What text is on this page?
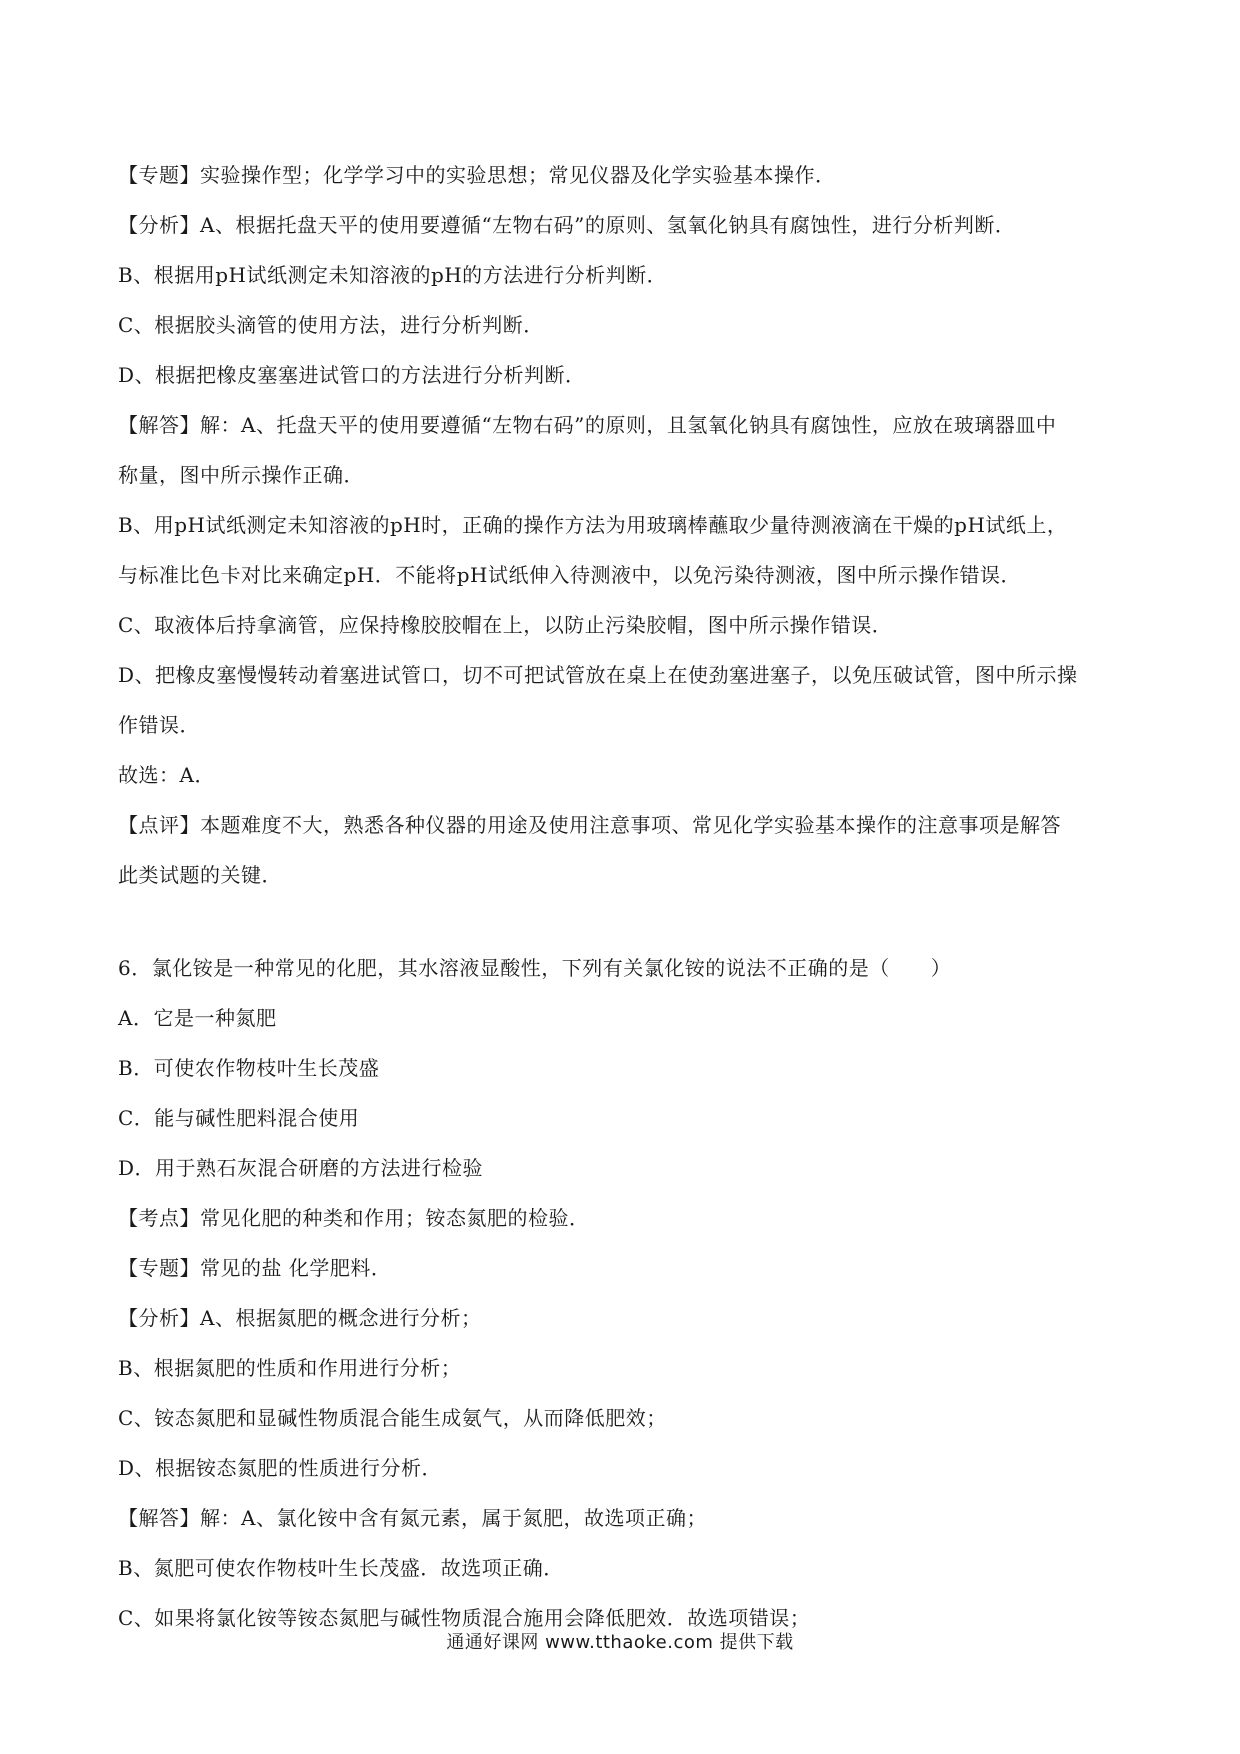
【专题】实验操作型；化学学习中的实验思想；常见仪器及化学实验基本操作．
【分析】A、根据托盘天平的使用要遵循“左物右码”的原则、氢氧化钠具有腐蚀性，进行分析判断．
B、根据用pH试纸测定未知溶液的pH的方法进行分析判断．
C、根据胶头滴管的使用方法，进行分析判断．
D、根据把橡皮塞塞进试管口的方法进行分析判断．
【解答】解：A、托盘天平的使用要遵循“左物右码”的原则，且氢氧化钠具有腐蚀性，应放在玻璃器皿中
称量，图中所示操作正确．
B、用pH试纸测定未知溶液的pH时，正确的操作方法为用玻璃棒蘸取少量待测液滴在干燥的pH试纸上，
与标准比色卡对比来确定pH．不能将pH试纸伸入待测液中，以免污染待测液，图中所示操作错误．
C、取液体后持拿滴管，应保持橡胶胶帽在上，以防止污染胶帽，图中所示操作错误．
D、把橡皮塞慢慢转动着塞进试管口，切不可把试管放在桌上在使劲塞进塞子，以免压破试管，图中所示操
作错误．
故选：A．
【点评】本题难度不大，熟悉各种仪器的用途及使用注意事项、常见化学实验基本操作的注意事项是解答
此类试题的关键．
6．氯化铵是一种常见的化肥，其水溶液显酸性，下列有关氯化铵的说法不正确的是（　　）
A．它是一种氮肥
B．可使农作物枝叶生长茂盛
C．能与碱性肥料混合使用
D．用于熟石灰混合研磨的方法进行检验
【考点】常见化肥的种类和作用；铵态氮肥的检验．
【专题】常见的盐 化学肥料．
【分析】A、根据氮肥的概念进行分析；
B、根据氮肥的性质和作用进行分析；
C、铵态氮肥和显碱性物质混合能生成氨气，从而降低肥效；
D、根据铵态氮肥的性质进行分析．
【解答】解：A、氯化铵中含有氮元素，属于氮肥，故选项正确；
B、氮肥可使农作物枝叶生长茂盛．故选项正确．
C、如果将氯化铵等铵态氮肥与碱性物质混合施用会降低肥效．故选项错误；
通通好课网 www.tthaoke.com 提供下载
